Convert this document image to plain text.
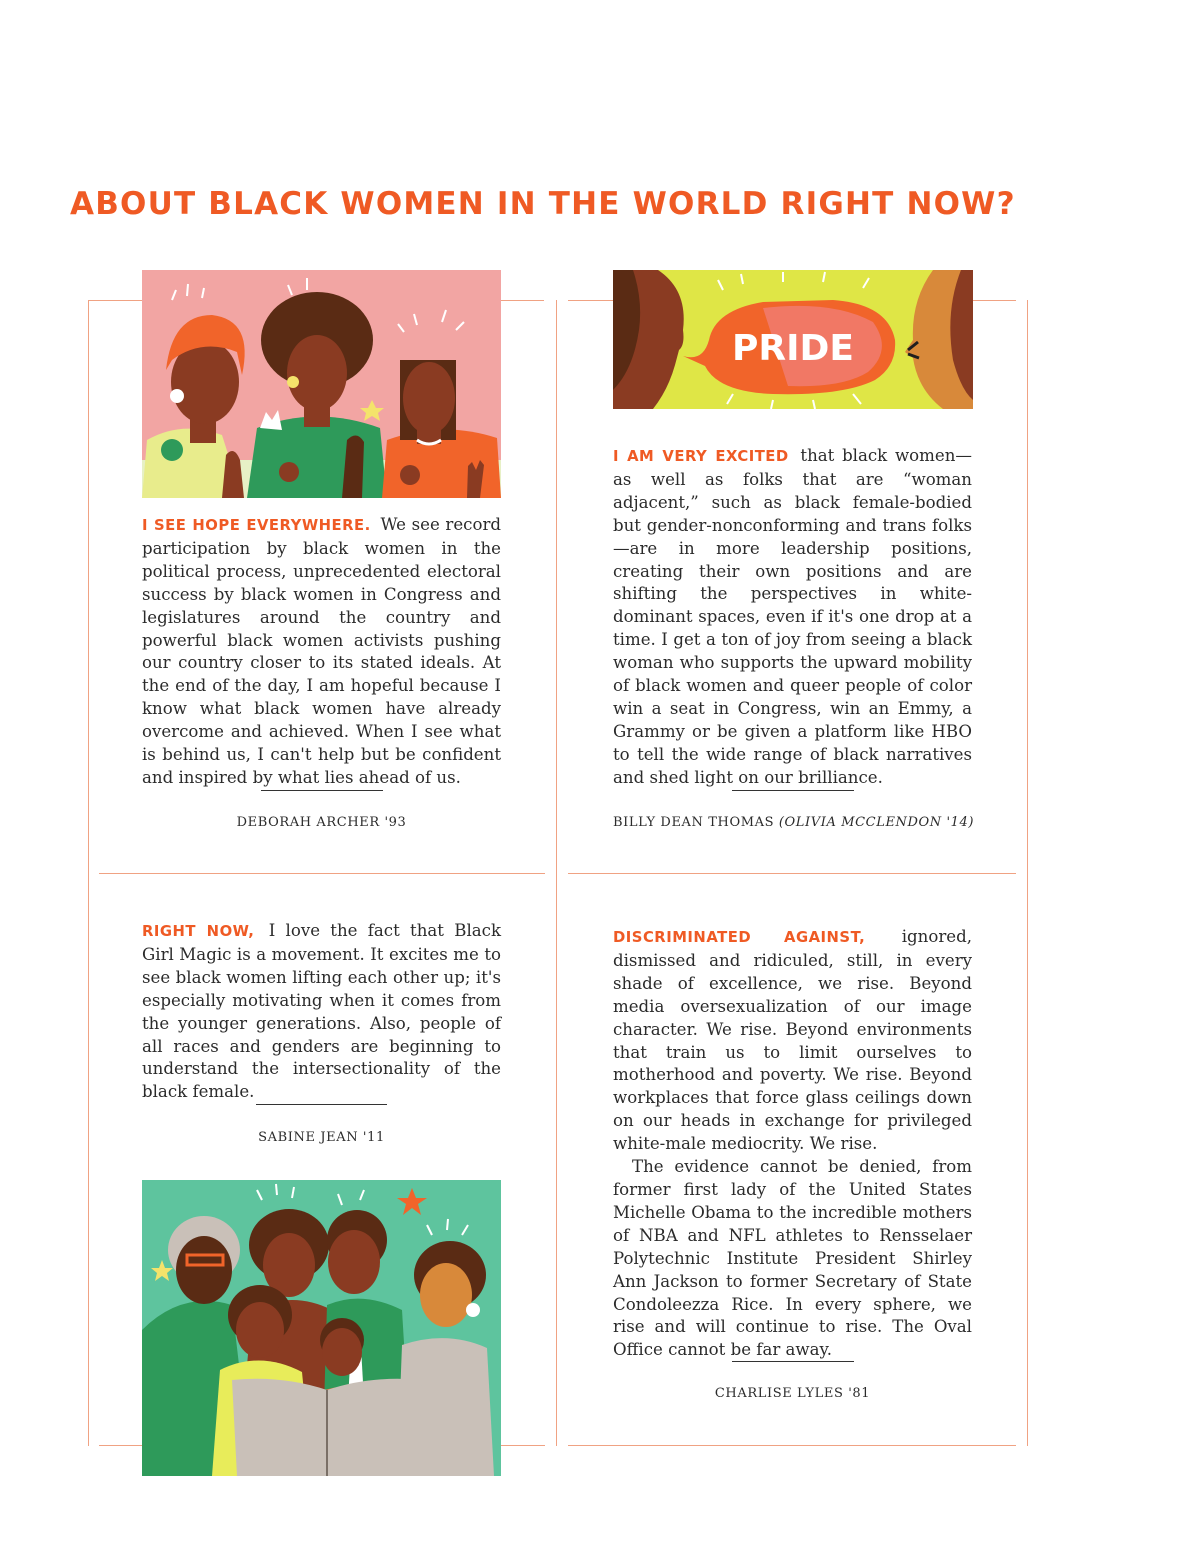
ABOUT BLACK WOMEN IN THE WORLD RIGHT NOW?
PRIDE

I SEE HOPE EVERYWHERE. We see record participation by black women in the political process, unprecedented electoral success by black women in Congress and legislatures around the country and powerful black women activists pushing our country closer to its stated ideals. At the end of the day, I am hopeful because I know what black women have already overcome and achieved. When I see what is behind us, I can't help but be confident and inspired by what lies ahead of us.

DEBORAH ARCHER '93

I AM VERY EXCITED that black women—as well as folks that are “woman adjacent,” such as black female-bodied but gender-nonconforming and trans folks—are in more leadership positions, creating their own positions and are shifting the perspectives in white-dominant spaces, even if it's one drop at a time. I get a ton of joy from seeing a black woman who supports the upward mobility of black women and queer people of color win a seat in Congress, win an Emmy, a Grammy or be given a platform like HBO to tell the wide range of black narratives and shed light on our brilliance.

BILLY DEAN THOMAS (OLIVIA MCCLENDON '14)

RIGHT NOW, I love the fact that Black Girl Magic is a movement. It excites me to see black women lifting each other up; it's especially motivating when it comes from the younger generations. Also, people of all races and genders are beginning to understand the intersectionality of the black female.

SABINE JEAN '11

DISCRIMINATED AGAINST, ignored, dismissed and ridiculed, still, in every shade of excellence, we rise. Beyond media oversexualization of our image character. We rise. Beyond environments that train us to limit ourselves to motherhood and poverty. We rise. Beyond workplaces that force glass ceilings down on our heads in exchange for privileged white-male mediocrity. We rise.

The evidence cannot be denied, from former first lady of the United States Michelle Obama to the incredible mothers of NBA and NFL athletes to Rensselaer Polytechnic Institute President Shirley Ann Jackson to former Secretary of State Condoleezza Rice. In every sphere, we rise and will continue to rise. The Oval Office cannot be far away.

CHARLISE LYLES '81
